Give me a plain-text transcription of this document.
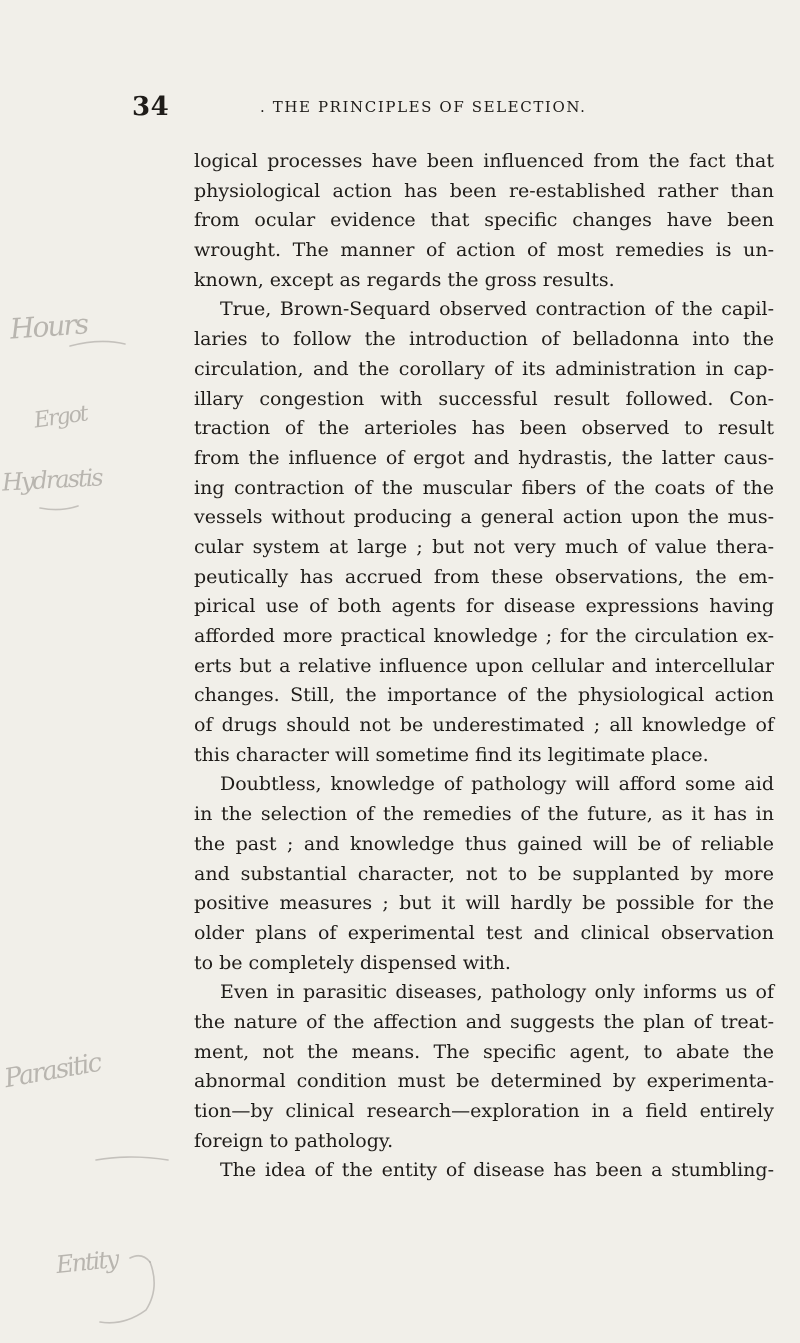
34	. THE PRINCIPLES OF SELECTION.
Hours
Ergot
Hydrastis
Parasitic
Entity
logical processes have been influenced from the fact that
physiological action has been re-established rather than
from ocular evidence that specific changes have been
wrought. The manner of action of most remedies is un-
known, except as regards the gross results.
True, Brown-Sequard observed contraction of the capil-
laries to follow the introduction of belladonna into the
circulation, and the corollary of its administration in cap-
illary congestion with successful result followed. Con-
traction of the arterioles has been observed to result
from the influence of ergot and hydrastis, the latter caus-
ing contraction of the muscular fibers of the coats of the
vessels without producing a general action upon the mus-
cular system at large ; but not very much of value thera-
peutically has accrued from these observations, the em-
pirical use of both agents for disease expressions having
afforded more practical knowledge ; for the circulation ex-
erts but a relative influence upon cellular and intercellular
changes. Still, the importance of the physiological action
of drugs should not be underestimated ; all knowledge of
this character will sometime find its legitimate place.
Doubtless, knowledge of pathology will afford some aid
in the selection of the remedies of the future, as it has in
the past ; and knowledge thus gained will be of reliable
and substantial character, not to be supplanted by more
positive measures ; but it will hardly be possible for the
older plans of experimental test and clinical observation
to be completely dispensed with.
Even in parasitic diseases, pathology only informs us of
the nature of the affection and suggests the plan of treat-
ment, not the means. The specific agent, to abate the
abnormal condition must be determined by experimenta-
tion—by clinical research—exploration in a field entirely
foreign to pathology.
The idea of the entity of disease has been a stumbling-
